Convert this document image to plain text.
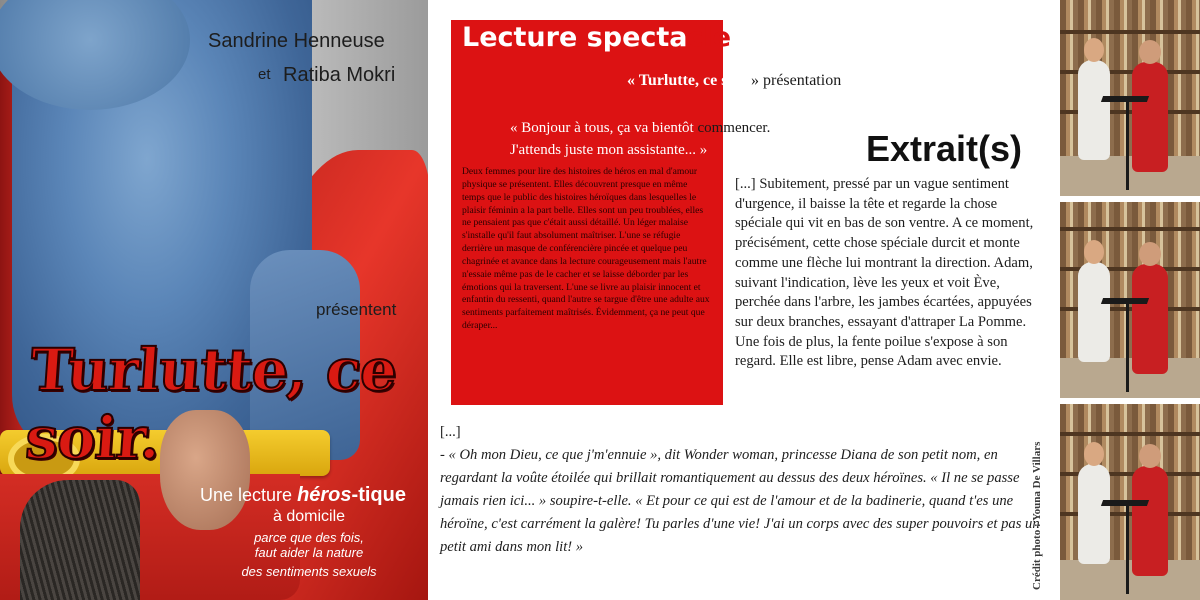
Sandrine Henneuse

et Ratiba Mokri

présentent

Turlutte, ce soir.

Une lecture héros-tique

à domicile

parce que des fois,
faut aider la nature

des sentiments sexuels

Lecture spectacle

« Turlutte, ce soir » présentation

« Bonjour à tous, ça va bientôt commencer.

J'attends juste mon assistante... »

Deux femmes pour lire des histoires de héros en mal d'amour physique se présentent. Elles découvrent presque en même temps que le public des histoires héroïques dans lesquelles le plaisir féminin a la part belle. Elles sont un peu troublées, elles ne pensaient pas que c'était aussi détaillé. Un léger malaise s'installe qu'il faut absolument maîtriser. L'une se réfugie derrière un masque de conférencière pincée et quelque peu chagrinée et avance dans la lecture courageusement mais l'autre n'essaie même pas de le cacher et se laisse déborder par les émotions qui la traversent. L'une se livre au plaisir innocent et enfantin du ressenti, quand l'autre se targue d'être une adulte aux sentiments parfaitement maîtrisés. Évidemment, ça ne peut que déraper...

Extrait(s)

[...] Subitement, pressé par un vague sentiment d'urgence, il baisse la tête et regarde la chose spéciale qui vit en bas de son ventre. A ce moment, précisément, cette chose spéciale durcit et monte comme une flèche lui montrant la direction. Adam, suivant l'indication, lève les yeux et voit Ève, perchée dans l'arbre, les jambes écartées, appuyées sur deux branches, essayant d'attraper La Pomme. Une fois de plus, la fente poilue s'expose à son regard. Elle est libre, pense Adam avec envie.

[...]

- « Oh mon Dieu, ce que j'm'ennuie », dit Wonder woman, princesse Diana de son petit nom, en regardant la voûte étoilée qui brillait romantiquement au dessus des deux héroïnes. « Il ne se passe jamais rien ici... » soupire-t-elle. « Et pour ce qui est de l'amour et de la badinerie, quand t'es une héroïne, c'est carrément la galère! Tu parles d'une vie! J'ai un corps avec des super pouvoirs et pas un petit ami dans mon lit! »	Crédit photo : Youna De Villars
